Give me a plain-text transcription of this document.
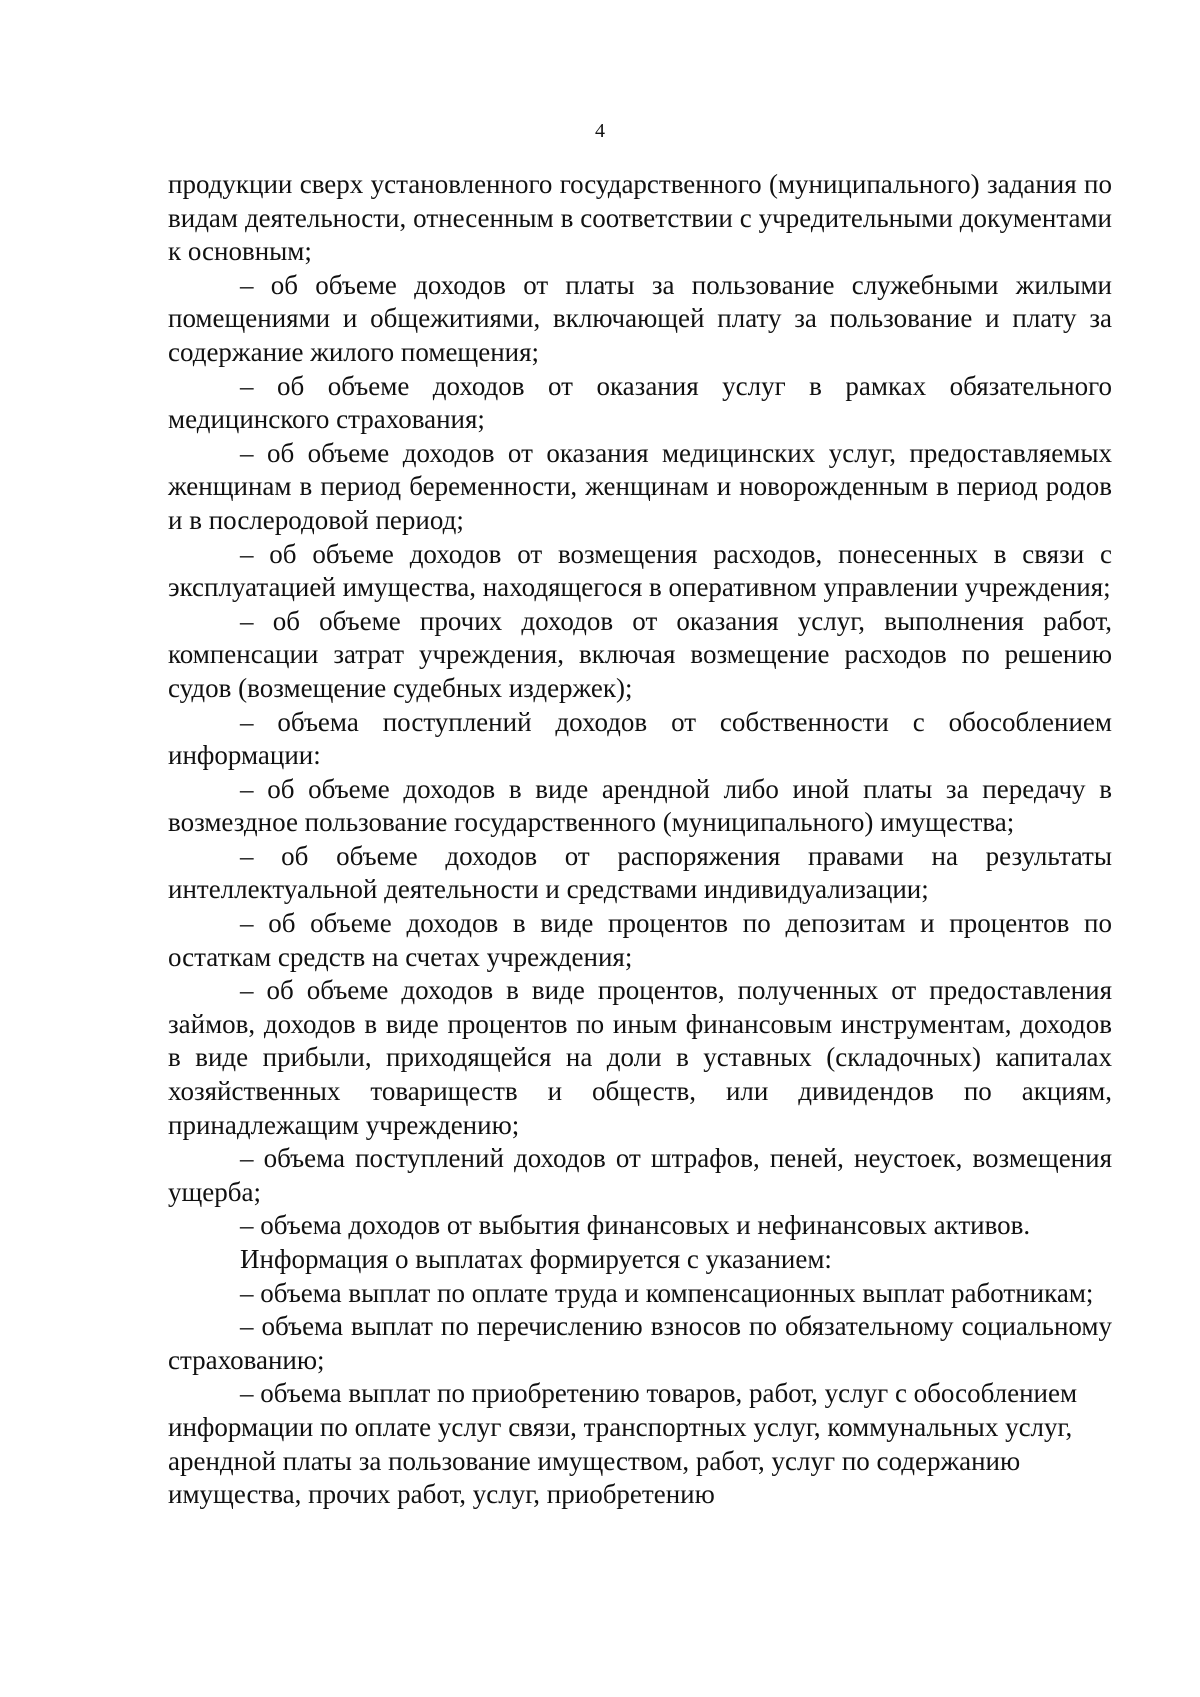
4

продукции сверх установленного государственного (муниципального) задания по видам деятельности, отнесенным в соответствии с учредительными документами к основным;

– об объеме доходов от платы за пользование служебными жилыми помещениями и общежитиями, включающей плату за пользование и плату за содержание жилого помещения;

– об объеме доходов от оказания услуг в рамках обязательного медицинского страхования;

– об объеме доходов от оказания медицинских услуг, предоставляемых женщинам в период беременности, женщинам и новорожденным в период родов и в послеродовой период;

– об объеме доходов от возмещения расходов, понесенных в связи с эксплуатацией имущества, находящегося в оперативном управлении учреждения;

– об объеме прочих доходов от оказания услуг, выполнения работ, компенсации затрат учреждения, включая возмещение расходов по решению судов (возмещение судебных издержек);

– объема поступлений доходов от собственности с обособлением информации:

– об объеме доходов в виде арендной либо иной платы за передачу в возмездное пользование государственного (муниципального) имущества;

– об объеме доходов от распоряжения правами на результаты интеллектуальной деятельности и средствами индивидуализации;

– об объеме доходов в виде процентов по депозитам и процентов по остаткам средств на счетах учреждения;

– об объеме доходов в виде процентов, полученных от предоставления займов, доходов в виде процентов по иным финансовым инструментам, доходов в виде прибыли, приходящейся на доли в уставных (складочных) капиталах хозяйственных товариществ и обществ, или дивидендов по акциям, принадлежащим учреждению;

– объема поступлений доходов от штрафов, пеней, неустоек, возмещения ущерба;

– объема доходов от выбытия финансовых и нефинансовых активов.

Информация о выплатах формируется с указанием:

– объема выплат по оплате труда и компенсационных выплат работникам;

– объема выплат по перечислению взносов по обязательному социальному страхованию;

– объема выплат по приобретению товаров, работ, услуг с обособлением информации по оплате услуг связи, транспортных услуг, коммунальных услуг, арендной платы за пользование имуществом, работ, услуг по содержанию имущества, прочих работ, услуг, приобретению
